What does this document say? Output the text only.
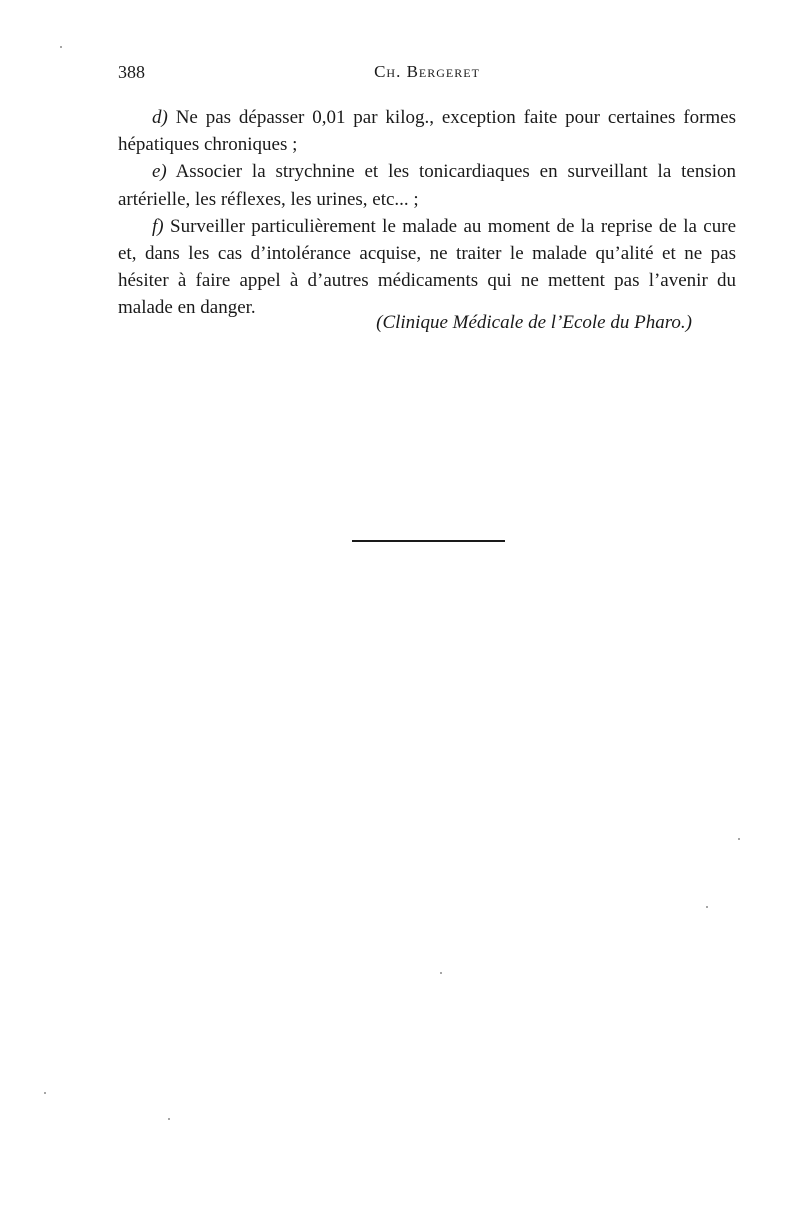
388	Ch. Bergeret

d) Ne pas dépasser 0,01 par kilog., exception faite pour certaines formes hépatiques chroniques ;

e) Associer la strychnine et les tonicardiaques en surveillant la tension artérielle, les réflexes, les urines, etc... ;

f) Surveiller particulièrement le malade au moment de la reprise de la cure et, dans les cas d’intolérance acquise, ne traiter le malade qu’alité et ne pas hésiter à faire appel à d’autres médicaments qui ne mettent pas l’avenir du malade en danger.

(Clinique Médicale de l’Ecole du Pharo.)
